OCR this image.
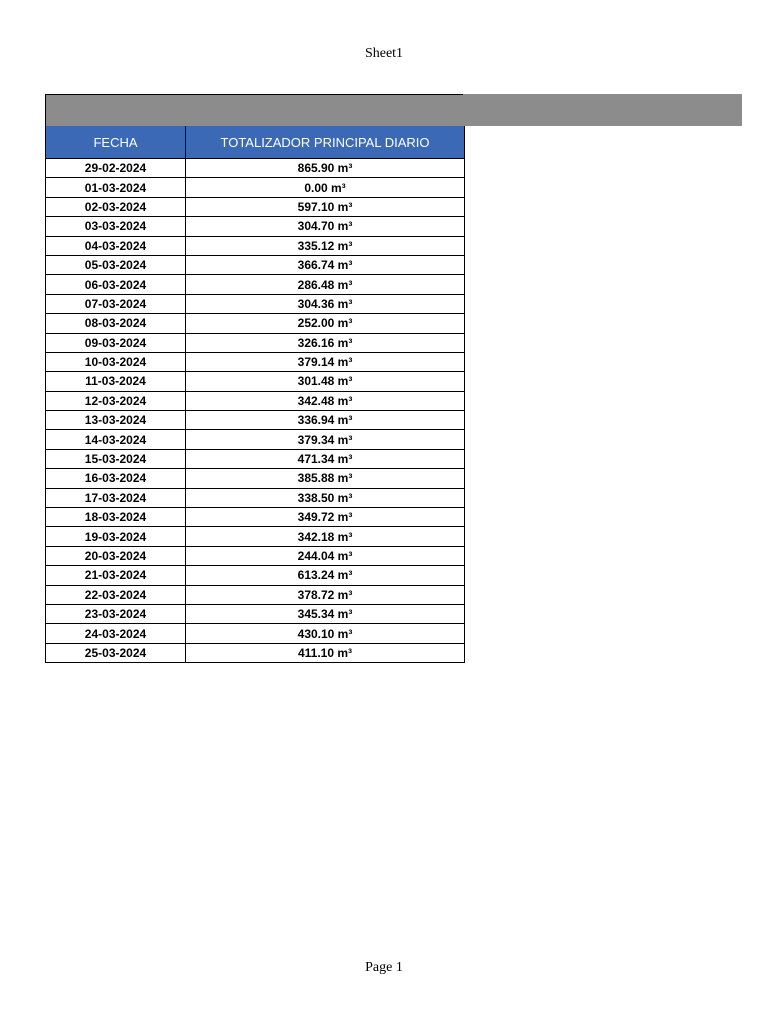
Sheet1
FECHA	TOTALIZADOR PRINCIPAL DIARIO
29-02-2024	865.90 m³
01-03-2024	0.00 m³
02-03-2024	597.10 m³
03-03-2024	304.70 m³
04-03-2024	335.12 m³
05-03-2024	366.74 m³
06-03-2024	286.48 m³
07-03-2024	304.36 m³
08-03-2024	252.00 m³
09-03-2024	326.16 m³
10-03-2024	379.14 m³
11-03-2024	301.48 m³
12-03-2024	342.48 m³
13-03-2024	336.94 m³
14-03-2024	379.34 m³
15-03-2024	471.34 m³
16-03-2024	385.88 m³
17-03-2024	338.50 m³
18-03-2024	349.72 m³
19-03-2024	342.18 m³
20-03-2024	244.04 m³
21-03-2024	613.24 m³
22-03-2024	378.72 m³
23-03-2024	345.34 m³
24-03-2024	430.10 m³
25-03-2024	411.10 m³
Page 1
